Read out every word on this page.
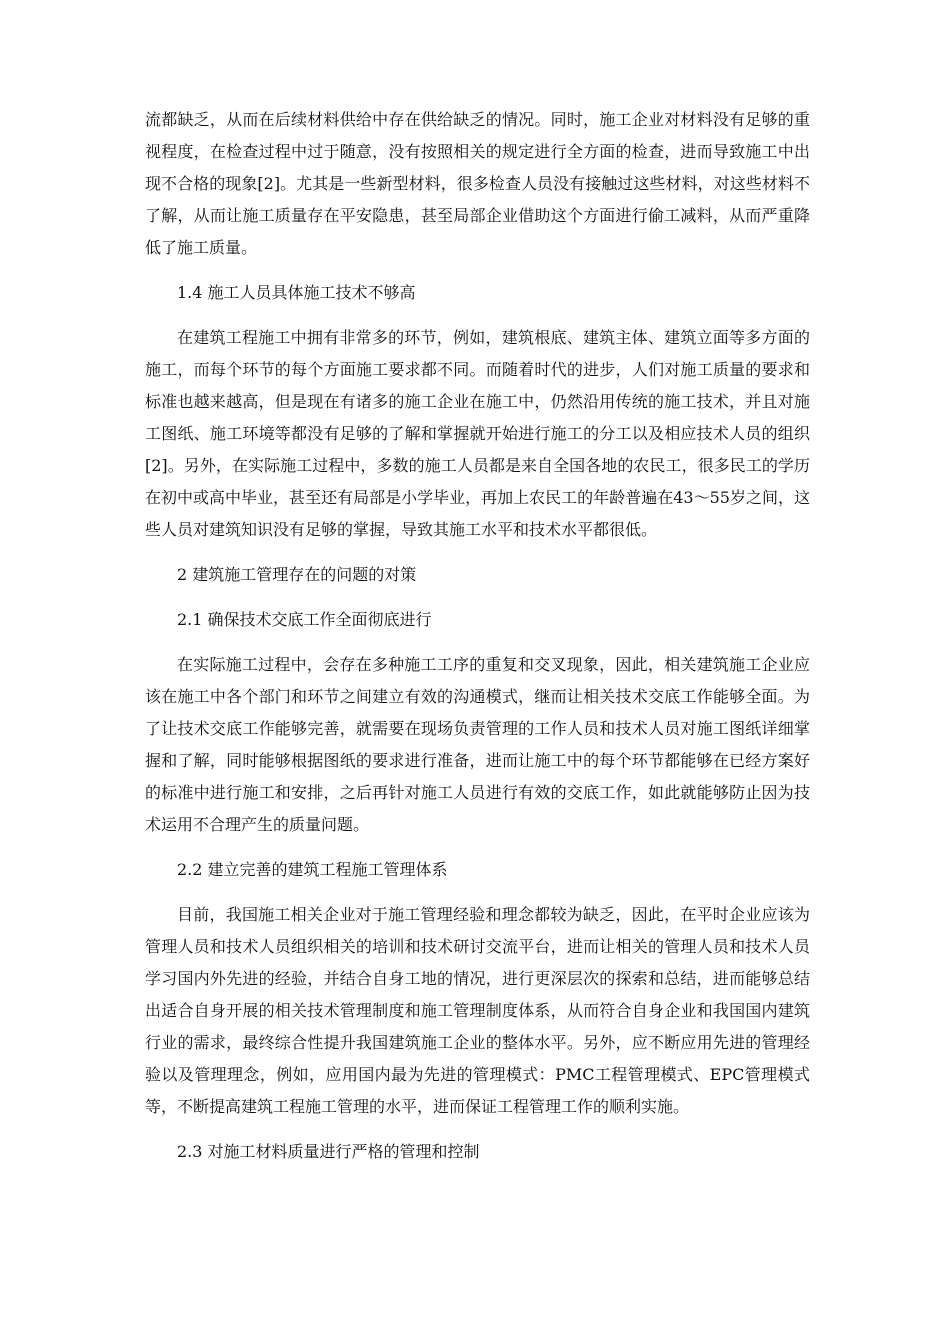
流都缺乏，从而在后续材料供给中存在供给缺乏的情况。同时，施工企业对材料没有足够的重视程度，在检查过程中过于随意，没有按照相关的规定进行全方面的检查，进而导致施工中出现不合格的现象[2]。尤其是一些新型材料，很多检查人员没有接触过这些材料，对这些材料不了解，从而让施工质量存在平安隐患，甚至局部企业借助这个方面进行偷工减料，从而严重降低了施工质量。

1.4 施工人员具体施工技术不够高

在建筑工程施工中拥有非常多的环节，例如，建筑根底、建筑主体、建筑立面等多方面的施工，而每个环节的每个方面施工要求都不同。而随着时代的进步，人们对施工质量的要求和标准也越来越高，但是现在有诸多的施工企业在施工中，仍然沿用传统的施工技术，并且对施工图纸、施工环境等都没有足够的了解和掌握就开始进行施工的分工以及相应技术人员的组织[2]。另外，在实际施工过程中，多数的施工人员都是来自全国各地的农民工，很多民工的学历在初中或高中毕业，甚至还有局部是小学毕业，再加上农民工的年龄普遍在43～55岁之间，这些人员对建筑知识没有足够的掌握，导致其施工水平和技术水平都很低。

2 建筑施工管理存在的问题的对策
2.1 确保技术交底工作全面彻底进行

在实际施工过程中，会存在多种施工工序的重复和交叉现象，因此，相关建筑施工企业应该在施工中各个部门和环节之间建立有效的沟通模式，继而让相关技术交底工作能够全面。为了让技术交底工作能够完善，就需要在现场负责管理的工作人员和技术人员对施工图纸详细掌握和了解，同时能够根据图纸的要求进行准备，进而让施工中的每个环节都能够在已经方案好的标准中进行施工和安排，之后再针对施工人员进行有效的交底工作，如此就能够防止因为技术运用不合理产生的质量问题。

2.2 建立完善的建筑工程施工管理体系

目前，我国施工相关企业对于施工管理经验和理念都较为缺乏，因此，在平时企业应该为管理人员和技术人员组织相关的培训和技术研讨交流平台，进而让相关的管理人员和技术人员学习国内外先进的经验，并结合自身工地的情况，进行更深层次的探索和总结，进而能够总结出适合自身开展的相关技术管理制度和施工管理制度体系，从而符合自身企业和我国国内建筑行业的需求，最终综合性提升我国建筑施工企业的整体水平。另外，应不断应用先进的管理经验以及管理理念，例如，应用国内最为先进的管理模式：PMC工程管理模式、EPC管理模式等，不断提高建筑工程施工管理的水平，进而保证工程管理工作的顺利实施。

2.3 对施工材料质量进行严格的管理和控制
